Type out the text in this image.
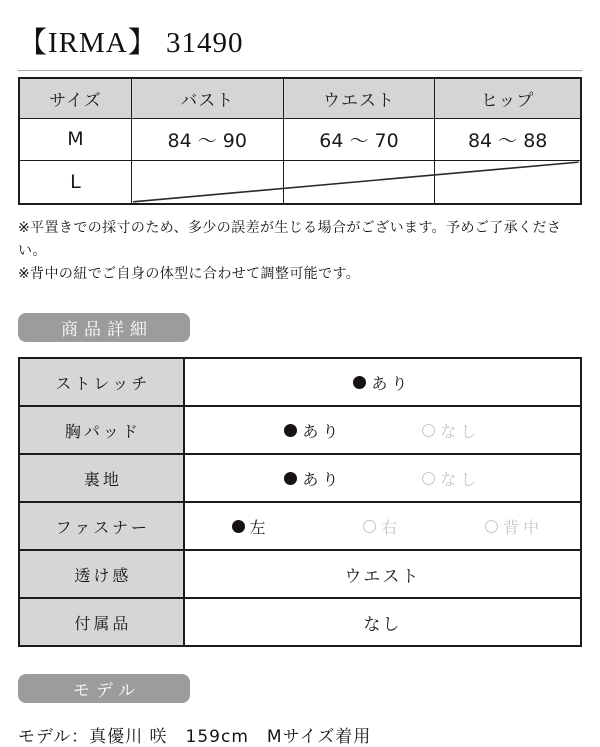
【IRMA】 31490
サイズ	バスト	ウエスト	ヒップ
M	84 ～ 90	64 ～ 70	84 ～ 88
L			

※平置きでの採寸のため、多少の誤差が生じる場合がございます。予めご了承ください。

※背中の紐でご自身の体型に合わせて調整可能です。

商品詳細
ストレッチ	あり

胸パッド	あり なし

裏地	あり なし

ファスナー	左 右 背中

透け感	ウエスト

付属品	なし
モデル

モデル：真優川 咲　159cm　Mサイズ着用
